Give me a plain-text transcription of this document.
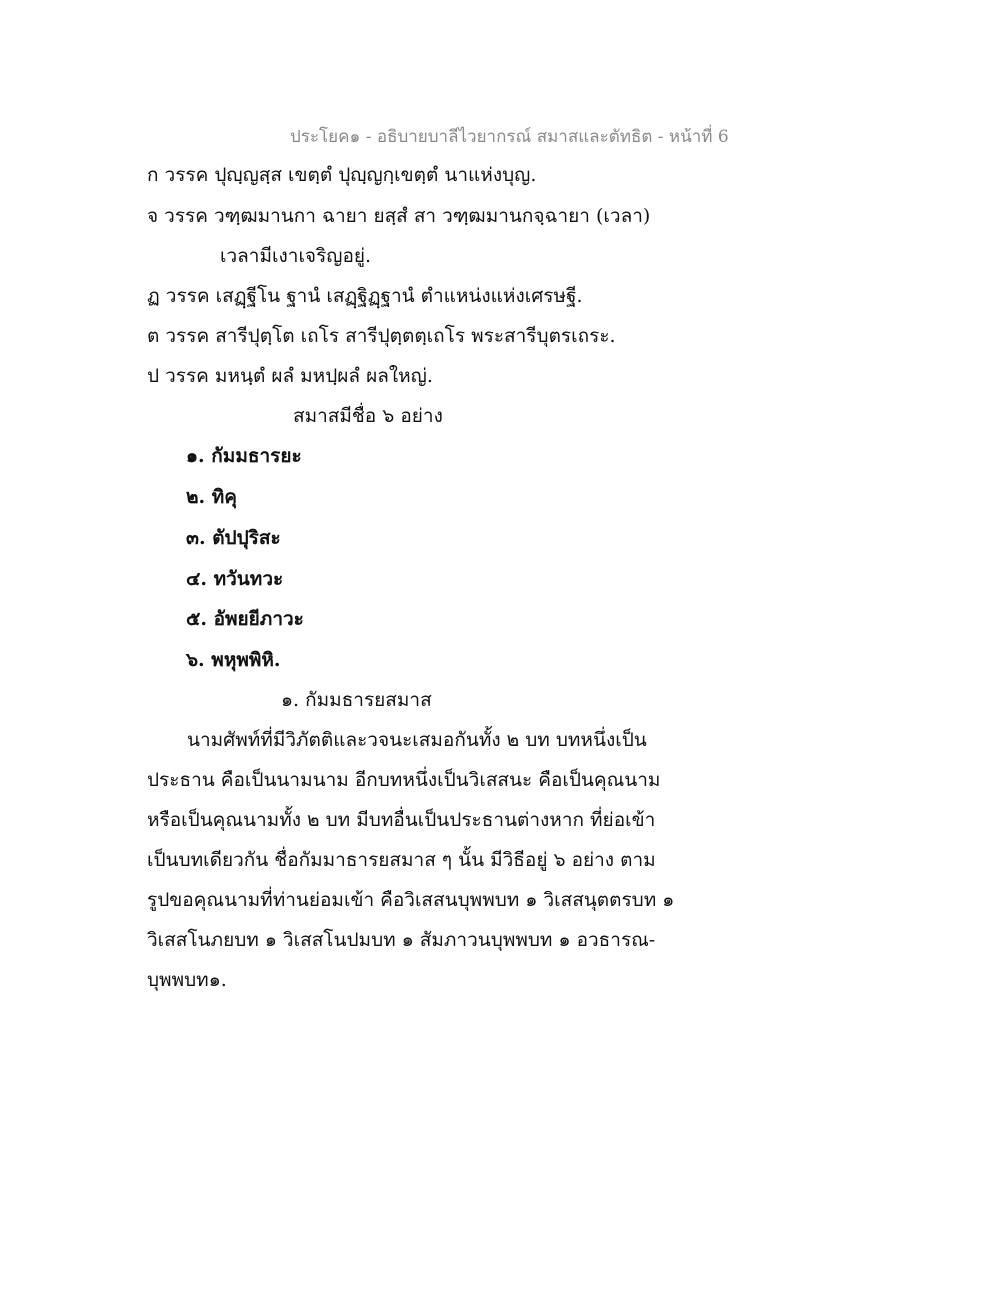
ประโยค๑ - อธิบายบาลีไวยากรณ์ สมาสและตัทธิต - หน้าที่ 6
ก วรรค ปุญฺญสฺส เขตฺตํ ปุญฺญกฺเขตฺตํ นาแห่งบุญ.
จ วรรค วฑฺฒมานกา ฉายา ยสฺสํ สา วฑฺฒมานกจฺฉายา (เวลา)
เวลามีเงาเจริญอยู่.
ฏ วรรค เสฏฺฐีโน ฐานํ เสฏฺฐิฏฺฐานํ ตำแหน่งแห่งเศรษฐี.
ต วรรค สารีปุตฺโต เถโร สารีปุตฺตตฺเถโร พระสารีบุตรเถระ.
ป วรรค มหนฺตํ ผลํ มหปฺผลํ ผลใหญ่.
สมาสมีชื่อ ๖ อย่าง
๑. กัมมธารยะ
๒. ทิคุ
๓. ตัปปุริสะ
๔. ทวันทวะ
๕. อัพยยีภาวะ
๖. พหุพพิหิ.
๑. กัมมธารยสมาส
นามศัพท์ที่มีวิภัตติและวจนะเสมอกันทั้ง ๒ บท บทหนึ่งเป็น
ประธาน คือเป็นนามนาม อีกบทหนึ่งเป็นวิเสสนะ คือเป็นคุณนาม
หรือเป็นคุณนามทั้ง ๒ บท มีบทอื่นเป็นประธานต่างหาก ที่ย่อเข้า
เป็นบทเดียวกัน ชื่อกัมมาธารยสมาส ๆ นั้น มีวิธีอยู่ ๖ อย่าง ตาม
รูปขอคุณนามที่ท่านย่อมเข้า คือวิเสสนบุพพบท ๑ วิเสสนุตตรบท ๑
วิเสสโนภยบท ๑ วิเสสโนปมบท ๑ สัมภาวนบุพพบท ๑ อวธารณ-
บุพพบท๑.
